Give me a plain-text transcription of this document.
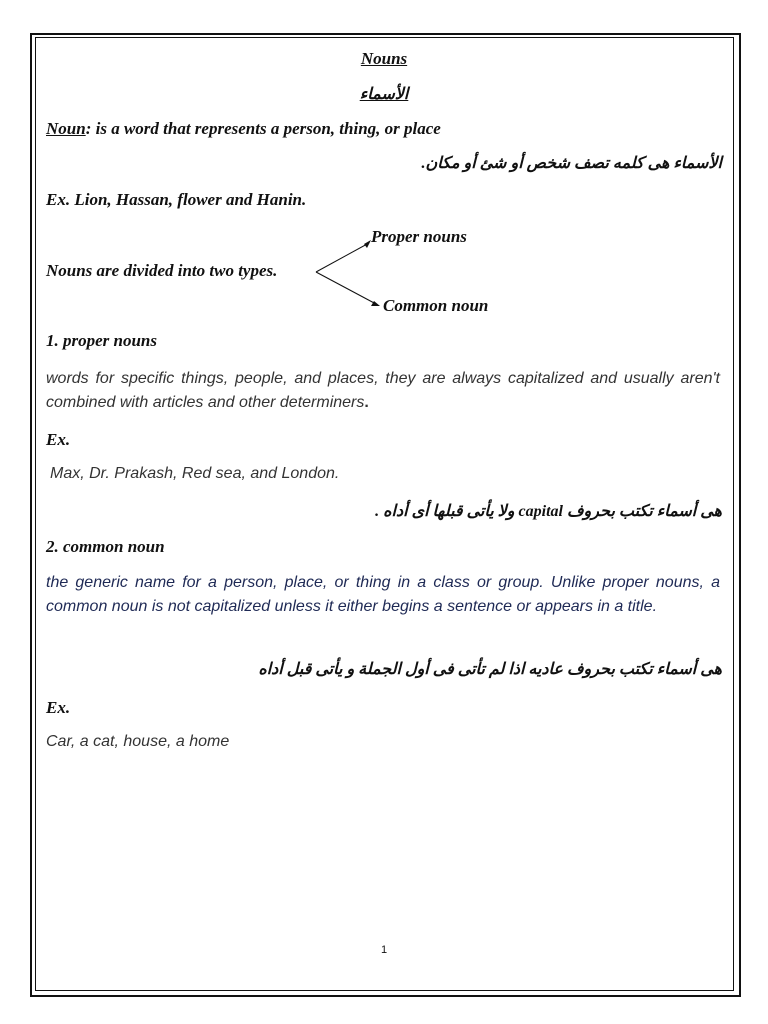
Nouns

الأسماء

Noun: is a word that represents a person, thing, or place

الأسماء هى كلمه تصف شخص أو شئ أو مكان.

Ex. Lion, Hassan, flower and Hanin.

Proper nouns

Nouns are divided into two types.

Common noun

1. proper nouns

words for specific things, people, and places, they are always capitalized and usually aren't combined with articles and other determiners.

Ex.

Max, Dr. Prakash, Red sea, and London.

هى أسماء تكتب بحروف capital ولا يأتى قبلها أى أداه .

2. common noun

the generic name for a person, place, or thing in a class or group. Unlike proper nouns, a common noun is not capitalized unless it either begins a sentence or appears in a title.

هى أسماء تكتب بحروف عاديه اذا لم تأتى فى أول الجملة و يأتى قبل أداه

Ex.

Car, a cat, house, a home

1
